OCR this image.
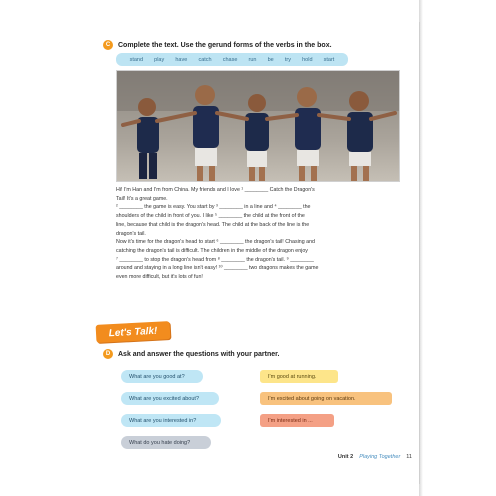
C	Complete the text. Use the gerund forms of the verbs in the box.
stand play have catch chase run be try hold start

Hi! I'm Han and I'm from China. My friends and I love ¹ ________ Catch the Dragon's

Tail! It's a great game.

² ________ the game is easy. You start by ³ ________ in a line and ⁴ ________ the

shoulders of the child in front of you. I like ⁵ ________ the child at the front of the

line, because that child is the dragon's head. The child at the back of the line is the

dragon's tail.

Now it's time for the dragon's head to start ⁶ ________ the dragon's tail! Chasing and

catching the dragon's tail is difficult. The children in the middle of the dragon enjoy

⁷ ________ to stop the dragon's head from ⁸ ________ the dragon's tail. ⁹ ________

around and staying in a long line isn't easy! ¹⁰ ________ two dragons makes the game

even more difficult, but it's lots of fun!

Let's Talk!
D	Ask and answer the questions with your partner.
What are you good at?
What are you excited about?
What are you interested in?
What do you hate doing?
I'm good at running.
I'm excited about going on vacation.
I'm interested in ...
Unit 2 Playing Together 11
